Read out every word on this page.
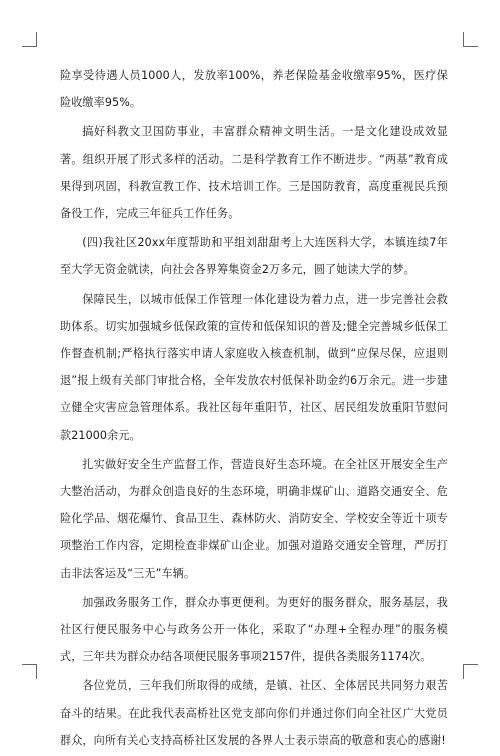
险享受待遇人员1000人，发放率100%，养老保险基金收缴率95%，医疗保险收缴率95%。

搞好科教文卫国防事业，丰富群众精神文明生活。一是文化建设成效显著。组织开展了形式多样的活动。二是科学教育工作不断进步。“两基”教育成果得到巩固，科教宣教工作、技术培训工作。三是国防教育，高度重视民兵预备役工作，完成三年征兵工作任务。

(四)我社区20xx年度帮助和平组刘甜甜考上大连医科大学，本镇连续7年至大学无资金就读，向社会各界筹集资金2万多元，圆了她读大学的梦。

保障民生，以城市低保工作管理一体化建设为着力点，进一步完善社会救助体系。切实加强城乡低保政策的宣传和低保知识的普及;健全完善城乡低保工作督查机制;严格执行落实申请人家庭收入核查机制，做到“应保尽保，应退则退”报上级有关部门审批合格，全年发放农村低保补助金约6万余元。进一步建立健全灾害应急管理体系。我社区每年重阳节，社区、居民组发放重阳节慰问款21000余元。

扎实做好安全生产监督工作，营造良好生态环境。在全社区开展安全生产大整治活动，为群众创造良好的生态环境，明确非煤矿山、道路交通安全、危险化学品、烟花爆竹、食品卫生、森林防火、消防安全、学校安全等近十项专项整治工作内容，定期检查非煤矿山企业。加强对道路交通安全管理，严厉打击非法客运及“三无”车辆。

加强政务服务工作，群众办事更便利。为更好的服务群众，服务基层，我社区行便民服务中心与政务公开一体化，采取了“办理+全程办理”的服务模式，三年共为群众办结各项便民服务事项2157件，提供各类服务1174次。

各位党员，三年我们所取得的成绩，是镇、社区、全体居民共同努力艰苦奋斗的结果。在此我代表高桥社区党支部向你们并通过你们向全社区广大党员群众，向所有关心支持高桥社区发展的各界人士表示崇高的敬意和衷心的感谢!
